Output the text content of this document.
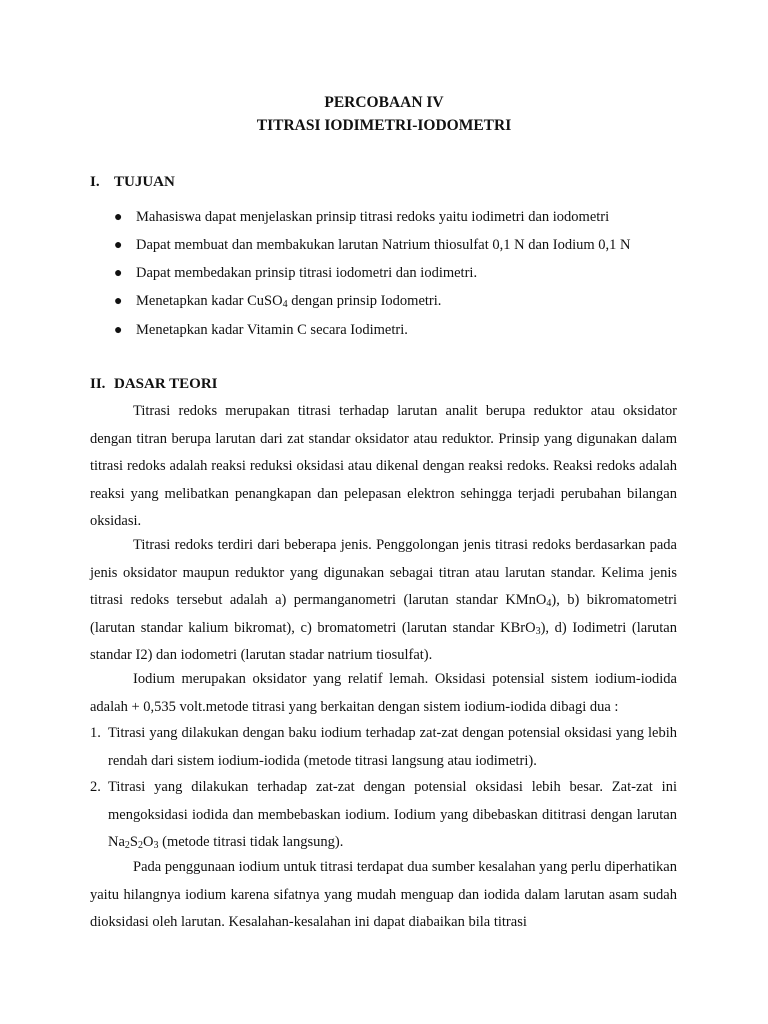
PERCOBAAN IV
TITRASI IODIMETRI-IODOMETRI
I. TUJUAN
● Mahasiswa dapat menjelaskan prinsip titrasi redoks yaitu iodimetri dan iodometri
● Dapat membuat dan membakukan larutan Natrium thiosulfat 0,1 N dan Iodium 0,1 N
● Dapat membedakan prinsip titrasi iodometri dan iodimetri.
● Menetapkan kadar CuSO$_4$ dengan prinsip Iodometri.
● Menetapkan kadar Vitamin C secara Iodimetri.
II. DASAR TEORI

Titrasi redoks merupakan titrasi terhadap larutan analit berupa reduktor atau oksidator dengan titran berupa larutan dari zat standar oksidator atau reduktor. Prinsip yang digunakan dalam titrasi redoks adalah reaksi reduksi oksidasi atau dikenal dengan reaksi redoks. Reaksi redoks adalah reaksi yang melibatkan penangkapan dan pelepasan elektron sehingga terjadi perubahan bilangan oksidasi.

Titrasi redoks terdiri dari beberapa jenis. Penggolongan jenis titrasi redoks berdasarkan pada jenis oksidator maupun reduktor yang digunakan sebagai titran atau larutan standar. Kelima jenis titrasi redoks tersebut adalah a) permanganometri (larutan standar KMnO$_4$), b) bikromatometri (larutan standar kalium bikromat), c) bromatometri (larutan standar KBrO$_3$), d) Iodimetri (larutan standar I2) dan iodometri (larutan stadar natrium tiosulfat).

Iodium merupakan oksidator yang relatif lemah. Oksidasi potensial sistem iodium-iodida adalah + 0,535 volt.metode titrasi yang berkaitan dengan sistem iodium-iodida dibagi dua :

1. Titrasi yang dilakukan dengan baku iodium terhadap zat-zat dengan potensial oksidasi yang lebih rendah dari sistem iodium-iodida (metode titrasi langsung atau iodimetri).
2. Titrasi yang dilakukan terhadap zat-zat dengan potensial oksidasi lebih besar. Zat-zat ini mengoksidasi iodida dan membebaskan iodium. Iodium yang dibebaskan dititrasi dengan larutan $Na_2S_2O_3$ (metode titrasi tidak langsung).

Pada penggunaan iodium untuk titrasi terdapat dua sumber kesalahan yang perlu diperhatikan yaitu hilangnya iodium karena sifatnya yang mudah menguap dan iodida dalam larutan asam sudah dioksidasi oleh larutan. Kesalahan-kesalahan ini dapat diabaikan bila titrasi
